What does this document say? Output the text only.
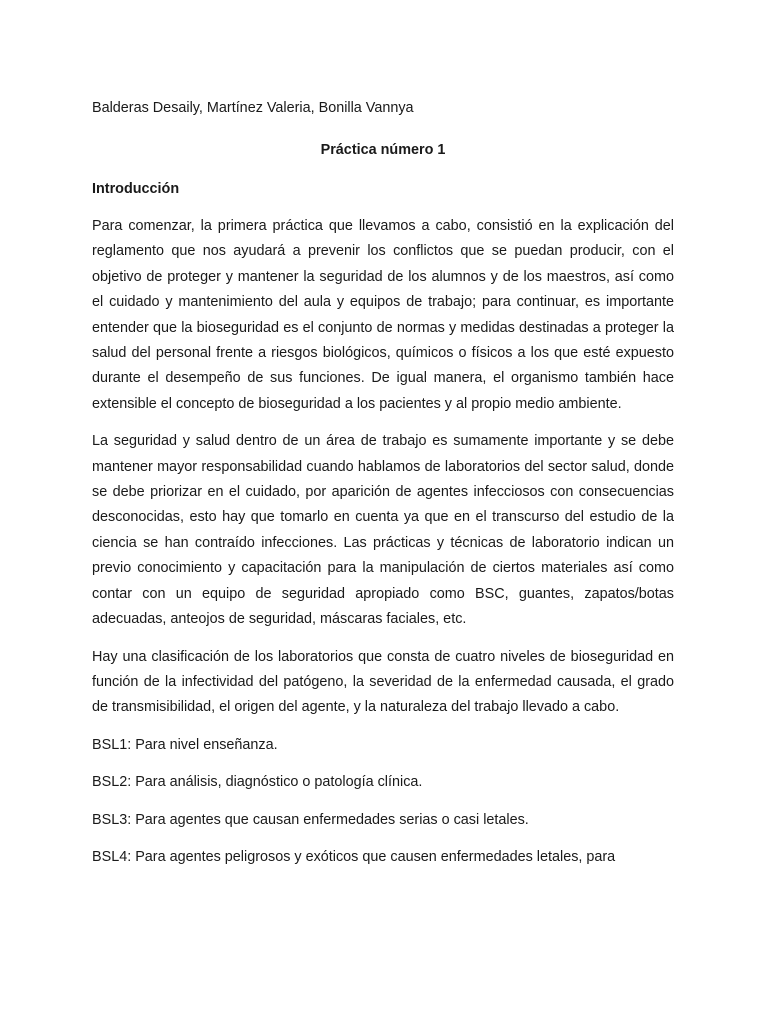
Balderas Desaily, Martínez Valeria, Bonilla Vannya

Práctica número 1

Introducción

Para comenzar, la primera práctica que llevamos a cabo, consistió en la explicación del reglamento que nos ayudará a prevenir los conflictos que se puedan producir, con el objetivo de proteger y mantener la seguridad de los alumnos y de los maestros, así como el cuidado y mantenimiento del aula y equipos de trabajo; para continuar, es importante entender que la bioseguridad es el conjunto de normas y medidas destinadas a proteger la salud del personal frente a riesgos biológicos, químicos o físicos a los que esté expuesto durante el desempeño de sus funciones. De igual manera, el organismo también hace extensible el concepto de bioseguridad a los pacientes y al propio medio ambiente.

La seguridad y salud dentro de un área de trabajo es sumamente importante y se debe mantener mayor responsabilidad cuando hablamos de laboratorios del sector salud, donde se debe priorizar en el cuidado, por aparición de agentes infecciosos con consecuencias desconocidas, esto hay que tomarlo en cuenta ya que en el transcurso del estudio de la ciencia se han contraído infecciones. Las prácticas y técnicas de laboratorio indican un previo conocimiento y capacitación para la manipulación de ciertos materiales así como contar con un equipo de seguridad apropiado como BSC, guantes, zapatos/botas adecuadas, anteojos de seguridad, máscaras faciales, etc.

Hay una clasificación de los laboratorios que consta de cuatro niveles de bioseguridad en función de la infectividad del patógeno, la severidad de la enfermedad causada, el grado de transmisibilidad, el origen del agente, y la naturaleza del trabajo llevado a cabo.

BSL1: Para nivel enseñanza.

BSL2: Para análisis, diagnóstico o patología clínica.

BSL3: Para agentes que causan enfermedades serias o casi letales.

BSL4: Para agentes peligrosos y exóticos que causen enfermedades letales, para
